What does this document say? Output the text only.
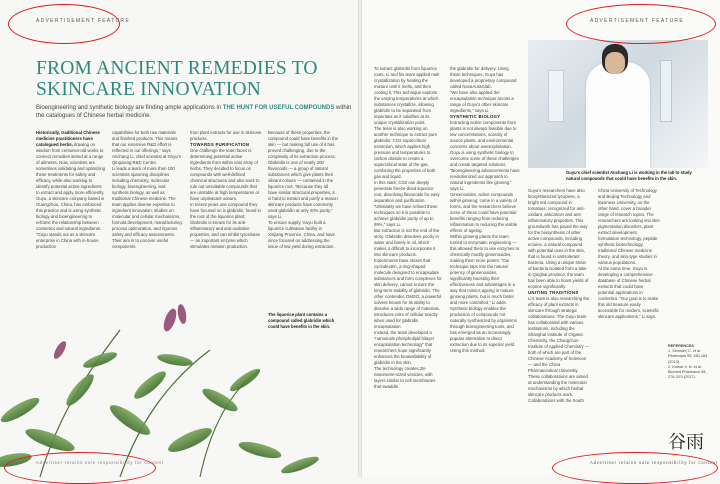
ADVERTISEMENT FEATURE	ADVERTISEMENT FEATURE
FROM ANCIENT REMEDIES TO SKINCARE INNOVATION
Bioengineering and synthetic biology are finding ample applications in THE HUNT FOR USEFUL COMPOUNDS within the catalogues of Chinese herbal medicine.
Historically, traditional Chinese medicine practitioners have catalogued herbs, drawing on wisdom from centuries-old works to connect remedies aimed at a range of ailments. Now, scientists are sometimes validating and optimizing these treatments for safety and efficacy, while also working to identify potential active ingredients to extract and apply more efficiently.
Guyu, a skincare company based in Guangzhou, China, has embraced this practice and is using synthetic biology and bioengineering to reframe the relationship between cosmetics and natural ingredients.
“Guyu stands out as a skincare enterprise in China with in-house production
capabilities for both raw materials and finished products. This means that our extensive R&D effort is reflected in our offerings,” says Anchang Li, chief scientist at Guyu’s Qingxiang R&D Centre.
Li leads a team of more than 100 scientists spanning disciplines including chemistry, molecular biology, bioengineering, and synthetic biology, as well as traditional Chinese medicine. The team applies diverse expertise to ingredient innovation, studies on molecular and cellular mechanisms, formula development, manufacturing process optimization, and rigorous safety and efficacy assessments. Their aim is to uncover useful components
from plant extracts for use in skincare products.
TOWARDS PURIFICATION
One challenge the team faces is determining potential active ingredients from within vast array of herbs. They decided to focus on compounds with well-defined chemical structures and also work to rule out unsuitable compounds that are unstable at high temperatures or have unpleasant odours.
In recent years one compound they have focused on is glabridin, found in the root of the liquorice plant. Glabridin is known for its anti-inflammatory and anti-oxidative properties, and can inhibit tyrosinase — an important enzyme which stimulates melanin production.
Because of these properties, the compound could have benefits in the skin — but making full use of it has proved challenging, due to the complexity of its extraction process.
Glabridin is one of nearly 200 flavonoids — a group of natural substances which give plants their vibrant colours — contained in the liquorice root. “Because they all have similar structural properties, it is hard to extract and purify a reason skincare products have commonly used glabridin at only 40% purity,” says Li.
To ensure supply, Guyu built a liquorice cultivation facility in Xinjiang Province, China, and have since focused on addressing the issue of low yield during extraction.
The liquorice plant contains a compound called glabridin which could have benefits in the skin.
Guyu’s chief scientist Anchang Li is working in the lab to study natural compounds that could have benefits in the skin.
To extract glabridin from liquorice roots, Li and his team applied melt crystallization by heating the mixture until it melts, and then cooling it. This technique exploits the varying temperatures at which substances crystallize, allowing glabridin to be separated from impurities as it solidifies at its unique crystallization point.
The team is also working on another technique to extract pure glabridin: CO2 supercritical extraction, which applies high pressure and temperatures to carbon dioxide to create a supercritical state of the gas, combining the properties of both gas and liquid.
In this state, CO2 can deeply penetrate freeze-dried liquorice root, dissolving flavonoids for easy separation and purification. “Ultimately we have refined these techniques so it is possible to achieve glabridin purity of up to 99%,” says Li.
But extraction is not the end of the story. Glabridin dissolves poorly in water and barely in oil, which makes it difficult to incorporate it into skincare products.
Experiments have shown that cyclodextrin, a ring-shaped molecule designed to encapsulate substances and form complexes for skin delivery, cannot ensure the long-term stability of glabridin. The other contender, DMSO, a powerful solvent known for its ability to dissolve a wide range of materials, introduces risks of cellular toxicity when used for glabridin encapsulation.
Instead, the team developed a “nanoscale phospholipid bilayer encapsulation technology” that researchers hope significantly enhances the bioavailability of glabridin in the skin.
The technology creates 28-nanometre-sized vesicles, with layers similar to cell membranes that swaddle
the glabridin for delivery. Using these techniques, Guyu has developed a proprietary compound called NovaAuraGlab.
“We have also applied the encapsulation technique across a range of Guyu’s other skincare ingredients,” says Li.
SYNTHETIC BIOLOGY
Extracting active components from plants is not always feasible due to low concentrations, scarcity of source plants, and environmental concerns about overexploitation. Guyu is using synthetic biology to overcome some of these challenges and create targeted solutions.
“Bioengineering advancements have revolutionized our approach to natural ingredients like ginseng,” says Li.
Ginsenosides, active compounds within ginseng, come in a variety of forms, and the researchers believe some of these could have potential benefits ranging from reducing inflammation to reducing the visible effects of ageing.
Within ginseng plants the team turned to enzymatic engineering — this allowed them to use enzymes to chemically modify ginsenosides, making them more potent. “Our technique taps into the natural potency of ginsenosides, significantly boosting their effectiveness and advantages in a way that mimics ageing in mature ginseng plants, but is much faster and more controlled,” Li adds.
Synthetic biology enables the production of compounds not naturally synthesized by organisms through bioengineering tools, and has emerged as an increasingly popular alternative to direct extraction due to its superior yield.
Using this method,
Guyu’s researchers have also biosynthesized lycopene, a bright red compound in tomatoes, recognized for anti-oxidant, anticancer and anti-inflammatory properties. This groundwork has paved the way for the biosynthesis of other active compounds, including ectoine, a natural compound with potential uses in the skin, that is found in salt-tolerant bacteria. Using a unique strain of bacteria isolated from a lake in Qinghai province, the team has been able to boost yields of ectoine significantly.
UNITING TRADITIONS
Li’s team is also researching the efficacy of plant extracts in skincare through strategic collaborations. The Guyu team has collaborated with various institutions, including the Shanghai Institute of Organic Chemistry, the Changchun Institute of Applied Chemistry — both of which are part of the Chinese Academy of Sciences — and the China Pharmaceutical University.
These collaborations are aimed at understanding the molecular mechanisms by which herbal skincare products work. Collaborations with the South
China University of Technology and Beijing Technology and Business University, on the other hand, cover a broader range of research topics. The researchers are looking into skin pigmentation disorders, plant extract development, formulation technology, peptide synthetic biotechnology, traditional Chinese medicine theory, and skin-type studies in various populations.
At the same time, Guyu is developing a comprehensive database of Chinese herbal extracts that could have potential applications in cosmetics. “Our goal is to make this old treasure easily accessible for modern, scientific skincare applications,” Li says.
REFERENCES
1. Simmler, C. et al. Fitoterapia 90, 160-184 (2013).
2. Kumar V. N. et al. Biomed Pharmacol 98, 278–570 (2017).
谷雨
Advertiser retains sole responsibility for content	Advertiser retains sole responsibility for content
